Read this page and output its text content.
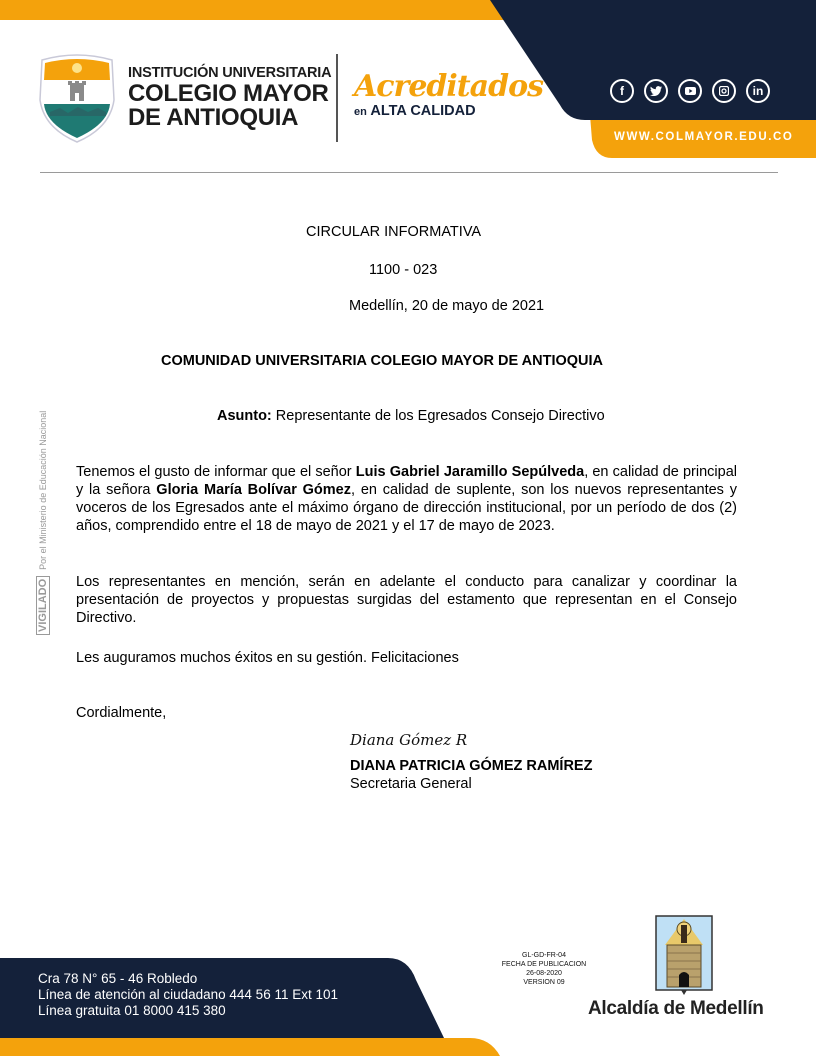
INSTITUCIÓN UNIVERSITARIA
COLEGIO MAYOR
DE ANTIOQUIA
Acreditados
en ALTA CALIDAD
f	in
WWW.COLMAYOR.EDU.CO
VIGILADOPor el Ministerio de Educación Nacional
CIRCULAR INFORMATIVA
1100 - 023
Medellín, 20 de mayo de 2021
COMUNIDAD UNIVERSITARIA COLEGIO MAYOR DE ANTIOQUIA
Asunto: Representante de los Egresados Consejo Directivo
Tenemos el gusto de informar que el señor Luis Gabriel Jaramillo Sepúlveda, en calidad de principal y la señora Gloria María Bolívar Gómez, en calidad de suplente, son los nuevos representantes y voceros de los Egresados ante el máximo órgano de dirección institucional, por un período de dos (2) años, comprendido entre el 18 de mayo de 2021 y el 17 de mayo de 2023.
Los representantes en mención, serán en adelante el conducto para canalizar y coordinar la presentación de proyectos y propuestas surgidas del estamento que representan en el Consejo Directivo.
Les auguramos muchos éxitos en su gestión. Felicitaciones
Cordialmente,
Diana Gómez R
DIANA PATRICIA GÓMEZ RAMÍREZ
Secretaria General
Cra 78 N° 65 - 46 Robledo
Línea de atención al ciudadano 444 56 11 Ext 101
Línea gratuita 01 8000 415 380
GL-GD-FR-04
FECHA DE PUBLICACION
26-08-2020
VERSION 09
Alcaldía de Medellín
